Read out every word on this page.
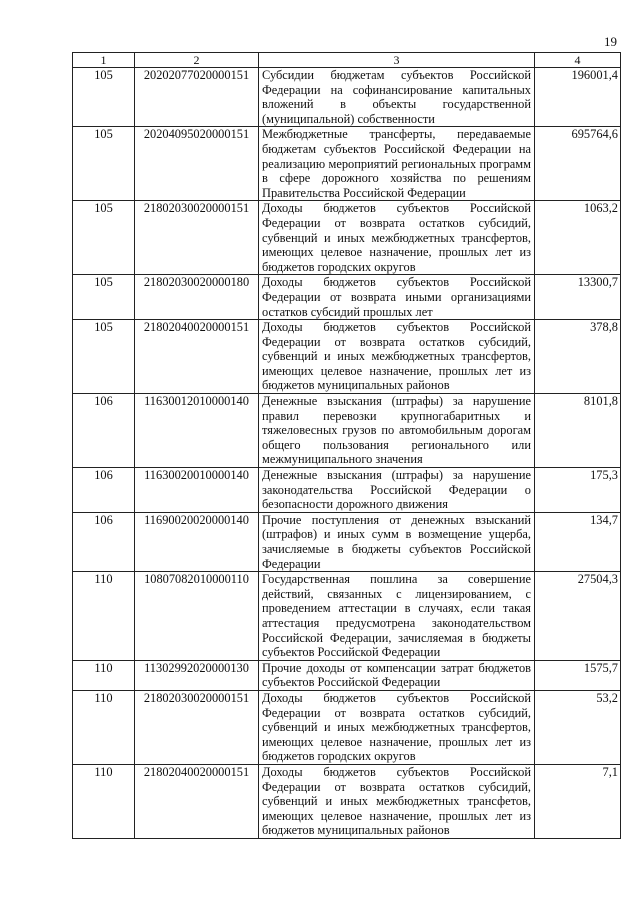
19
1	2	3	4
105	20202077020000151	Субсидии бюджетам субъектов Российской Федерации на софинансирование капитальных вложений в объекты государственной (муниципальной) собственности	196001,4
105	20204095020000151	Межбюджетные трансферты, передаваемые бюджетам субъектов Российской Федерации на реализацию мероприятий региональных программ в сфере дорожного хозяйства по решениям Правительства Российской Федерации	695764,6
105	21802030020000151	Доходы бюджетов субъектов Российской Федерации от возврата остатков субсидий, субвенций и иных межбюджетных трансфертов, имеющих целевое назначение, прошлых лет из бюджетов городских округов	1063,2
105	21802030020000180	Доходы бюджетов субъектов Российской Федерации от возврата иными организациями остатков субсидий прошлых лет	13300,7
105	21802040020000151	Доходы бюджетов субъектов Российской Федерации от возврата остатков субсидий, субвенций и иных межбюджетных трансфертов, имеющих целевое назначение, прошлых лет из бюджетов муниципальных районов	378,8
106	11630012010000140	Денежные взыскания (штрафы) за нарушение правил перевозки крупногабаритных и тяжеловесных грузов по автомобильным дорогам общего пользования регионального или межмуниципального значения	8101,8
106	11630020010000140	Денежные взыскания (штрафы) за нарушение законодательства Российской Федерации о безопасности дорожного движения	175,3
106	11690020020000140	Прочие поступления от денежных взысканий (штрафов) и иных сумм в возмещение ущерба, зачисляемые в бюджеты субъектов Российской Федерации	134,7
110	10807082010000110	Государственная пошлина за совершение действий, связанных с лицензированием, с проведением аттестации в случаях, если такая аттестация предусмотрена законодательством Российской Федерации, зачисляемая в бюджеты субъектов Российской Федерации	27504,3
110	11302992020000130	Прочие доходы от компенсации затрат бюджетов субъектов Российской Федерации	1575,7
110	21802030020000151	Доходы бюджетов субъектов Российской Федерации от возврата остатков субсидий, субвенций и иных межбюджетных трансфертов, имеющих целевое назначение, прошлых лет из бюджетов городских округов	53,2
110	21802040020000151	Доходы бюджетов субъектов Российской Федерации от возврата остатков субсидий, субвенций и иных межбюджетных трансфетов, имеющих целевое назначение, прошлых лет из бюджетов муниципальных районов	7,1
